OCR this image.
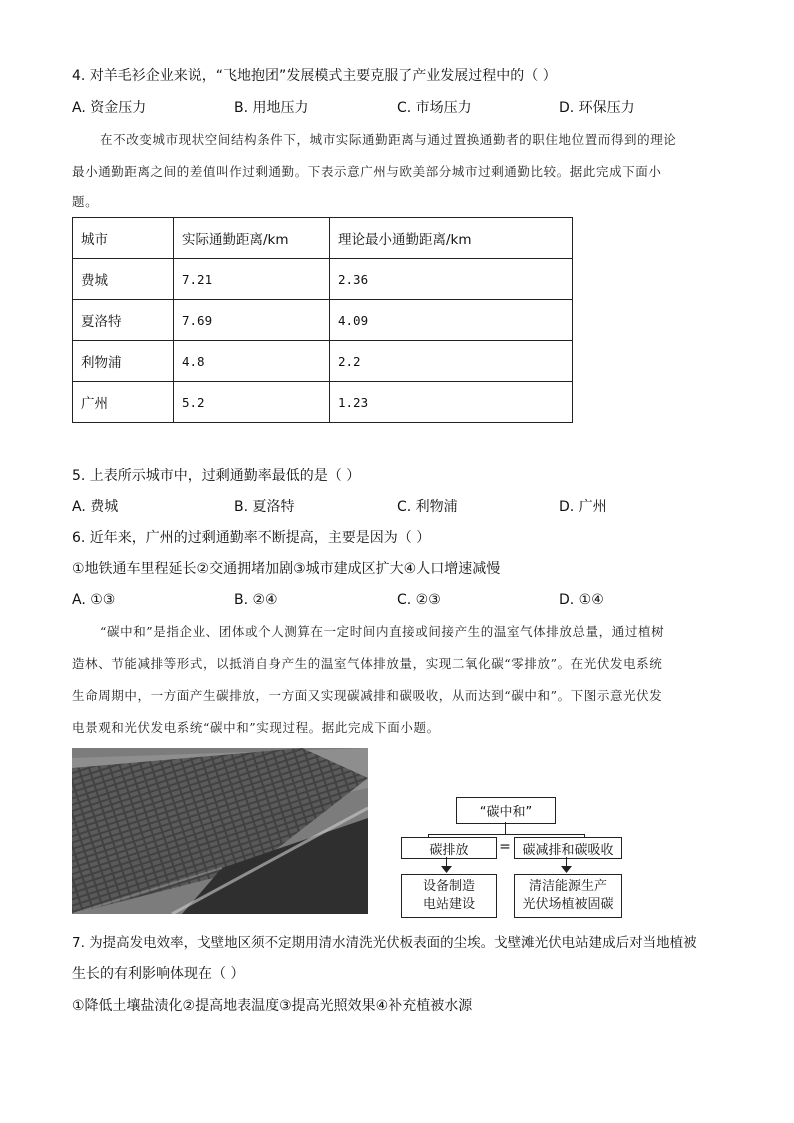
4. 对羊毛衫企业来说，“飞地抱团”发展模式主要克服了产业发展过程中的（ ）
A. 资金压力	B. 用地压力	C. 市场压力	D. 环保压力
在不改变城市现状空间结构条件下，城市实际通勤距离与通过置换通勤者的职住地位置而得到的理论
最小通勤距离之间的差值叫作过剩通勤。下表示意广州与欧美部分城市过剩通勤比较。据此完成下面小
题。
城市	实际通勤距离/km	理论最小通勤距离/km
费城	7.21	2.36
夏洛特	7.69	4.09
利物浦	4.8	2.2
广州	5.2	1.23
5. 上表所示城市中，过剩通勤率最低的是（ ）
A. 费城	B. 夏洛特	C. 利物浦	D. 广州
6. 近年来，广州的过剩通勤率不断提高，主要是因为（ ）
①地铁通车里程延长②交通拥堵加剧③城市建成区扩大④人口增速减慢
A. ①③	B. ②④	C. ②③	D. ①④
“碳中和”是指企业、团体或个人测算在一定时间内直接或间接产生的温室气体排放总量，通过植树
造林、节能减排等形式，以抵消自身产生的温室气体排放量，实现二氧化碳“零排放”。在光伏发电系统
生命周期中，一方面产生碳排放，一方面又实现碳减排和碳吸收，从而达到“碳中和”。下图示意光伏发
电景观和光伏发电系统“碳中和”实现过程。据此完成下面小题。
“碳中和”
碳排放	= 碳减排和碳吸收
设备制造
电站建设
清洁能源生产
光伏场植被固碳
7. 为提高发电效率，戈壁地区须不定期用清水清洗光伏板表面的尘埃。戈壁滩光伏电站建成后对当地植被
生长的有利影响体现在（ ）
①降低土壤盐渍化②提高地表温度③提高光照效果④补充植被水源
